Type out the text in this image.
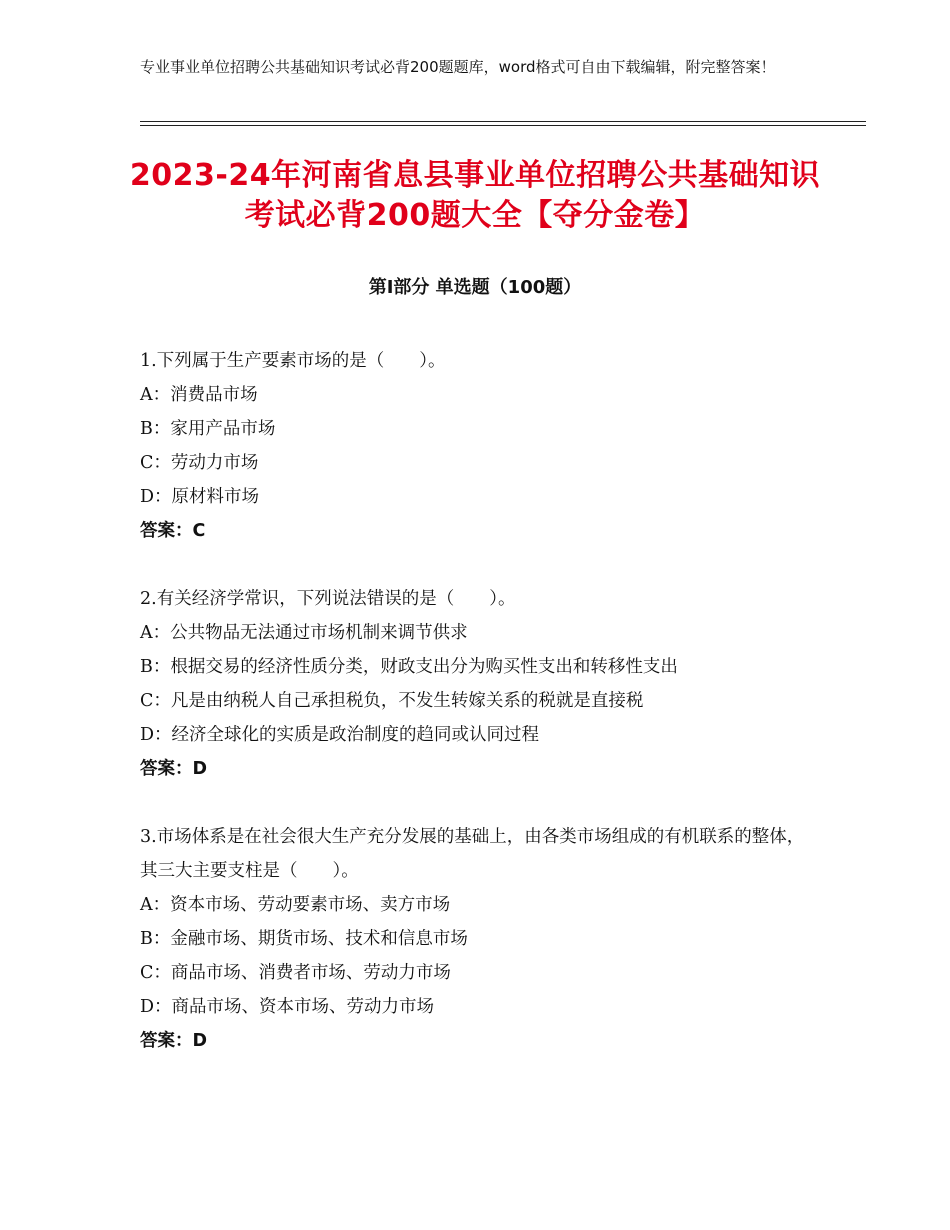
专业事业单位招聘公共基础知识考试必背200题题库，word格式可自由下载编辑，附完整答案！
2023-24年河南省息县事业单位招聘公共基础知识考试必背200题大全【夺分金卷】
第Ⅰ部分 单选题（100题）
1.下列属于生产要素市场的是（　　）。
A：消费品市场
B：家用产品市场
C：劳动力市场
D：原材料市场
答案：C
2.有关经济学常识，下列说法错误的是（　　）。
A：公共物品无法通过市场机制来调节供求
B：根据交易的经济性质分类，财政支出分为购买性支出和转移性支出
C：凡是由纳税人自己承担税负，不发生转嫁关系的税就是直接税
D：经济全球化的实质是政治制度的趋同或认同过程
答案：D
3.市场体系是在社会很大生产充分发展的基础上，由各类市场组成的有机联系的整体，其三大主要支柱是（　　）。
A：资本市场、劳动要素市场、卖方市场
B：金融市场、期货市场、技术和信息市场
C：商品市场、消费者市场、劳动力市场
D：商品市场、资本市场、劳动力市场
答案：D
